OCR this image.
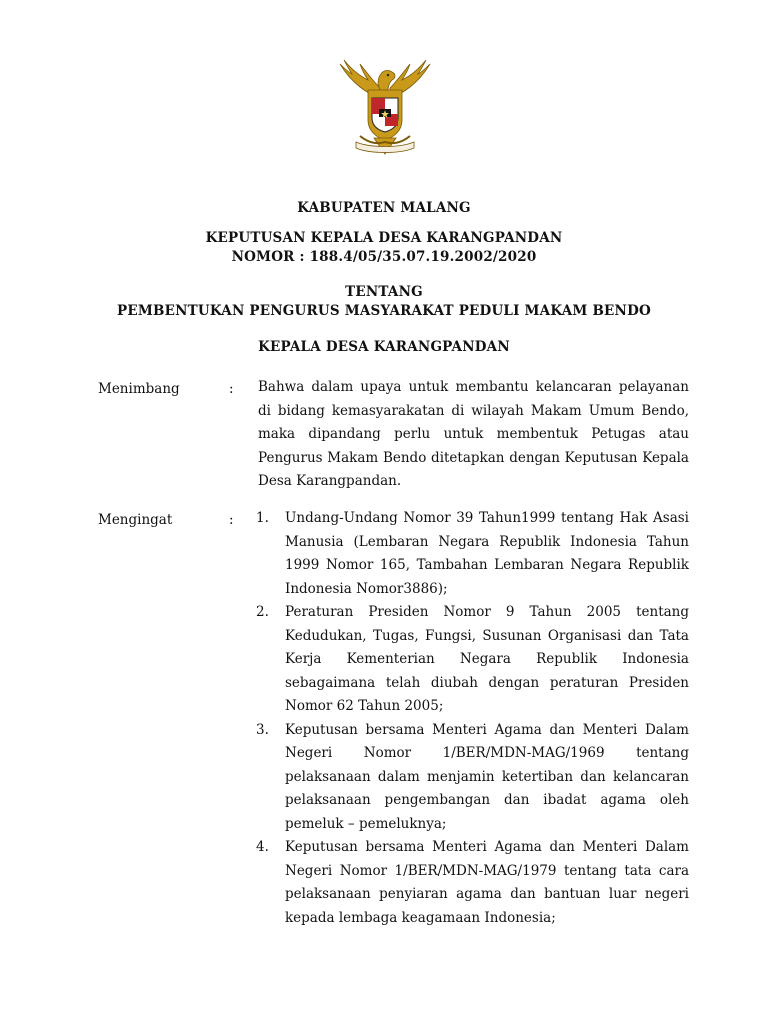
KABUPATEN MALANG
KEPUTUSAN KEPALA DESA KARANGPANDAN
NOMOR : 188.4/05/35.07.19.2002/2020
TENTANG
PEMBENTUKAN PENGURUS MASYARAKAT PEDULI MAKAM BENDO
KEPALA DESA KARANGPANDAN
Menimbang	: Bahwa dalam upaya untuk membantu kelancaran pelayanan di bidang kemasyarakatan di wilayah Makam Umum Bendo, maka dipandang perlu untuk membentuk Petugas atau Pengurus Makam Bendo ditetapkan dengan Keputusan Kepala Desa Karangpandan.
Mengingat	: 1. Undang-Undang Nomor 39 Tahun1999 tentang Hak Asasi Manusia (Lembaran Negara Republik Indonesia Tahun 1999 Nomor 165, Tambahan Lembaran Negara Republik Indonesia Nomor3886);
2. Peraturan Presiden Nomor 9 Tahun 2005 tentang Kedudukan, Tugas, Fungsi, Susunan Organisasi dan Tata Kerja Kementerian Negara Republik Indonesia sebagaimana telah diubah dengan peraturan Presiden Nomor 62 Tahun 2005;
3. Keputusan bersama Menteri Agama dan Menteri Dalam Negeri Nomor 1/BER/MDN-MAG/1969 tentang pelaksanaan dalam menjamin ketertiban dan kelancaran pelaksanaan pengembangan dan ibadat agama oleh pemeluk – pemeluknya;
4. Keputusan bersama Menteri Agama dan Menteri Dalam Negeri Nomor 1/BER/MDN-MAG/1979 tentang tata cara pelaksanaan penyiaran agama dan bantuan luar negeri kepada lembaga keagamaan Indonesia;
